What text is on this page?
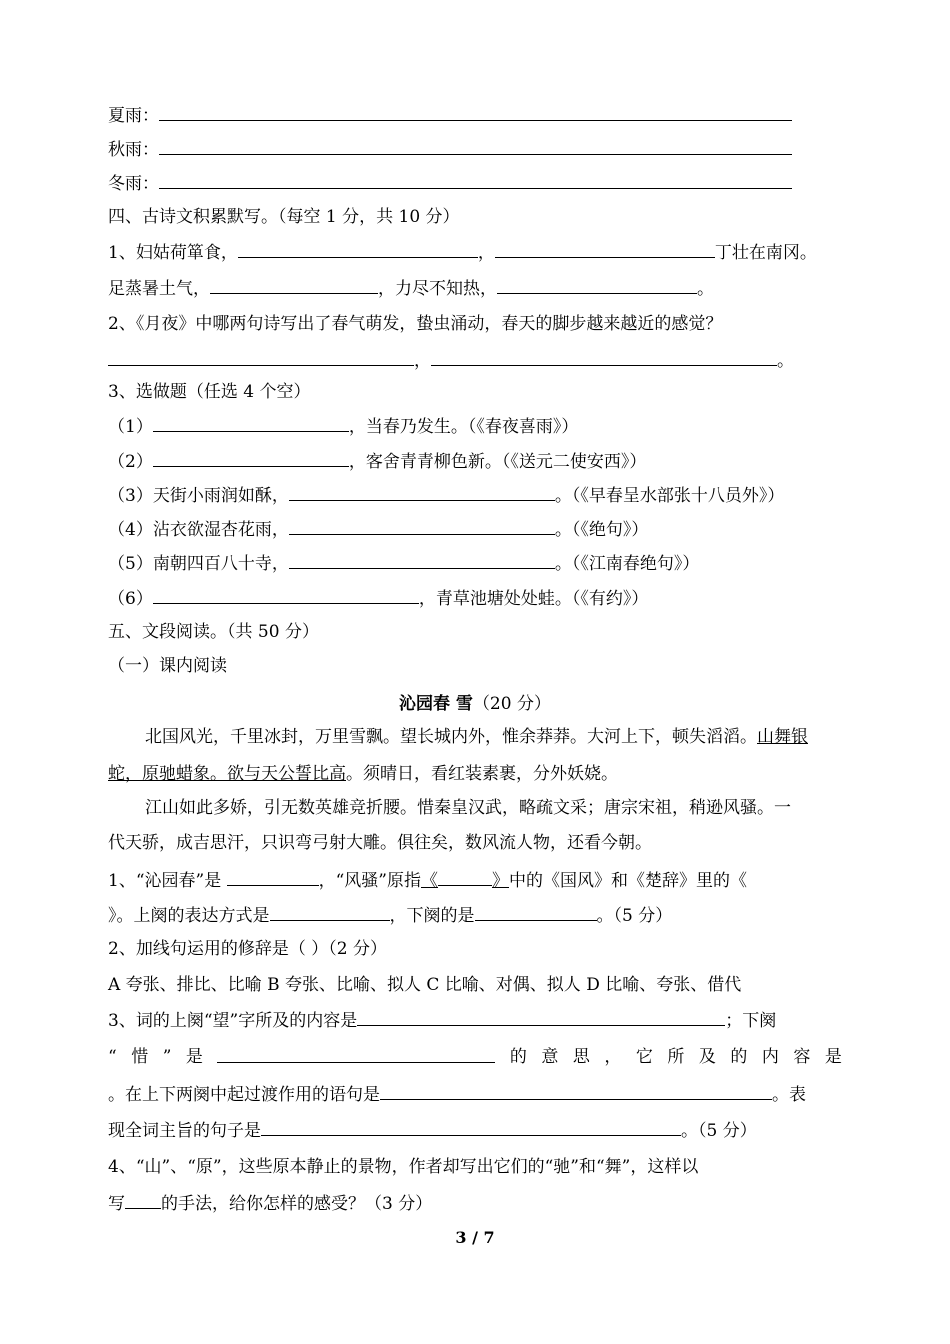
夏雨：
秋雨：
冬雨：
四、古诗文积累默写。（每空 1 分，共 10 分）
1、妇姑荷箪食，	，	丁壮在南冈。
足蒸暑土气，	，力尽不知热，	。
2、《月夜》中哪两句诗写出了春气萌发，蛰虫涌动，春天的脚步越来越近的感觉？
，	。
3、选做题（任选 4 个空）
（1）	，当春乃发生。（《春夜喜雨》）
（2）	，客舍青青柳色新。（《送元二使安西》）
（3）天街小雨润如酥，	。（《早春呈水部张十八员外》）
（4）沾衣欲湿杏花雨，	。（《绝句》）
（5）南朝四百八十寺，	。（《江南春绝句》）
（6）	，青草池塘处处蛙。（《有约》）
五、文段阅读。（共 50 分）
（一）课内阅读
沁园春 雪（20 分）
北国风光，千里冰封，万里雪飘。望长城内外，惟余莽莽。大河上下，顿失滔滔。山舞银
蛇，原驰蜡象。欲与天公誓比高。须晴日，看红装素裹，分外妖娆。
江山如此多娇，引无数英雄竞折腰。惜秦皇汉武，略疏文采；唐宗宋祖，稍逊风骚。一
代天骄，成吉思汗，只识弯弓射大雕。俱往矣，数风流人物，还看今朝。
1、“沁园春”是	，“风骚”原指《	》中的《国风》和《楚辞》里的《
》。上阕的表达方式是	，下阕的是	。（5 分）
2、加线句运用的修辞是（ ）（2 分）
A 夸张、排比、比喻 B 夸张、比喻、拟人 C 比喻、对偶、拟人 D 比喻、夸张、借代
3、词的上阕“望”字所及的内容是	；下阕
“ 惜 ” 是	的 意 思 ， 它 所 及 的 内 容 是
。在上下两阕中起过渡作用的语句是	。表
现全词主旨的句子是	。（5 分）
4、“山”、“原”，这些原本静止的景物，作者却写出它们的“驰”和“舞”，这样以
写 的手法，给你怎样的感受？（3 分）
3 / 7
